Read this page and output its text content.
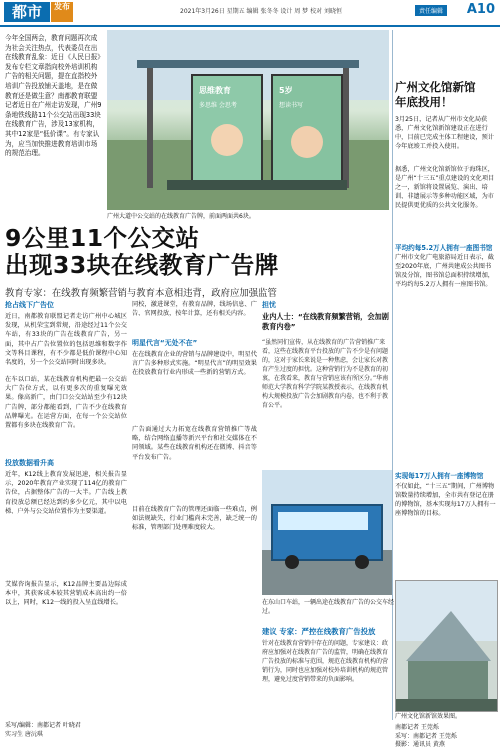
都市	发布
2021年3月26日 星期五 编辑 张冬冬 设计 周 梦 校对 刘晓恒	责任编辑	A10
今年全国两会，教育问题再次成为社会关注热点，代表委员在出在线教育乱象：近日《人民日报》发布专栏文章指向校外培训机构广告的相关问题，提在直指校外培训广告投放铺天盖地，是在做教育还是做生意？南都教育联盟记者近日在广州走访发现，广州9条地铁线路11个公交站出现33块在线教育广告，涉及13家机构，其中12家是“低价课”。有专家认为，应当加快推进教育培训市场的规范治理。
思维教育
多思维 会思考
5岁
想读书写
广州大道中公交站的在线教育广告牌，前面两面共6块。
广州文化馆新馆
年底投用！
3月25日，记者从广州市文化局获悉，广州文化馆新馆建设正在进行中，目前已完成主体工程建设，预计今年底竣工并投入使用。
据悉，广州文化馆新馆位于海珠区，是广州“十三五”重点建设的文化项目之一，新馆将设置展览、演出、培训、非遗展示等多种功能区域，为市民提供更优质的公共文化服务。
平均约每5.2万人拥有一座图书馆
广州市文化广电旅游局近日表示，截至2020年底，广州共建成公共图书馆及分馆，图书馆总面积持续增加，平均约每5.2万人拥有一座图书馆。
实现每17万人拥有一座博物馆
不仅如此，“十三五”期间，广州博物馆数量持续增加，全市共有登记在册的博物馆，基本实现每17万人拥有一座博物馆的目标。
9公里11个公交站
出现33块在线教育广告牌
教育专家：在线教育频繁营销与教育本意相违背，政府应加强监管
抢占线下广告位
近日，南都教育联盟记者走访广州中心城区发现，从机荣宝到常规，沿途经过11个公交车站，有33块的广告在线教育广告，另一面，其中占广告位置位的包括思维和数字作文等科目课程，有不少都是低价课程中心知名度的，另一个公交站同时出现多块。
在车以口站，某在线教育机构把最一公交站大广告位方式，以有更多次的重复曝光效果。像高新广，由门口公交站站至少有12块广告牌，部分都能看到，广告不少在线教育品牌曝光。在运营方面，在每一个公交站位置都有多块在线教育广告。
投放数据看升高
近年，K12线上教育发展迅速，相关报告显示，2020年教育产业实现了114亿的教育广告位，占据整体广告的一大半。广告线上教育投放总额已经达到约多少亿元，其中以电梯、户外与公交站位置作为主要渠道。
艾媒咨询报告显示，K12品牌主要品边际成本中，其获客成本较其营销成本高出约一倍以上，同时，K12一线的投入呈直线增长。
采写/编辑：南都记者 叶晓君
实习生 唐沅琪
同校，激进课堂，有教育品牌，线场信息、广告、官网投放，按年计算，还有相关内容。
明星代言“无处不在”
在在线教育企业的营销与品牌建设中，明星代言广告多种形式实施。“明星代言”的明星效果在投放教育行业内形成一些新的营销方式。
广告面通过大力拓宽在线教育营销推广等战略，结合网络直播等新兴平台和社交媒体在不同领域。某些在线教育机构还在微博、抖音等平台发布广告。
目前在线教育广告的管理还面临一些难点，例如法规缺失，行业门槛尚未完善，缺乏统一的标准，管理部门处理难度较大。
担忧
业内人士：“在线教育频繁营销，会加剧教育内卷”
“虽然同们宣传，从在线教育的广告营销推广来看，这些在线教育平台投放的广告不少是有问题的，这对于家长来说是一种焦虑，会让家长对教育产生过度的担忧。这种营销行为不是教育的初衷，在我看来，教育与营销应该有所区分。”华南师范大学教育科学学院某教授表示，在线教育机构大规模投放广告会加剧教育内卷，也不利于教育公平。
在东山口车站，一辆出途在线教育广告的公交车经过。
建议 专家：严控在线教育广告投放
针对在线教育营销中存在的问题，专家建议：政府应加强对在线教育广告的监管，明确在线教育广告投放的标准与范围，规范在线教育机构的营销行为，同时也应加强对校外培训机构的规范管理，避免过度营销带来的负面影响。
广州文化馆新馆效果图。
南都记者 王莞烁
采写：南都记者 王莞烁
摄影：通讯员 黄燕
